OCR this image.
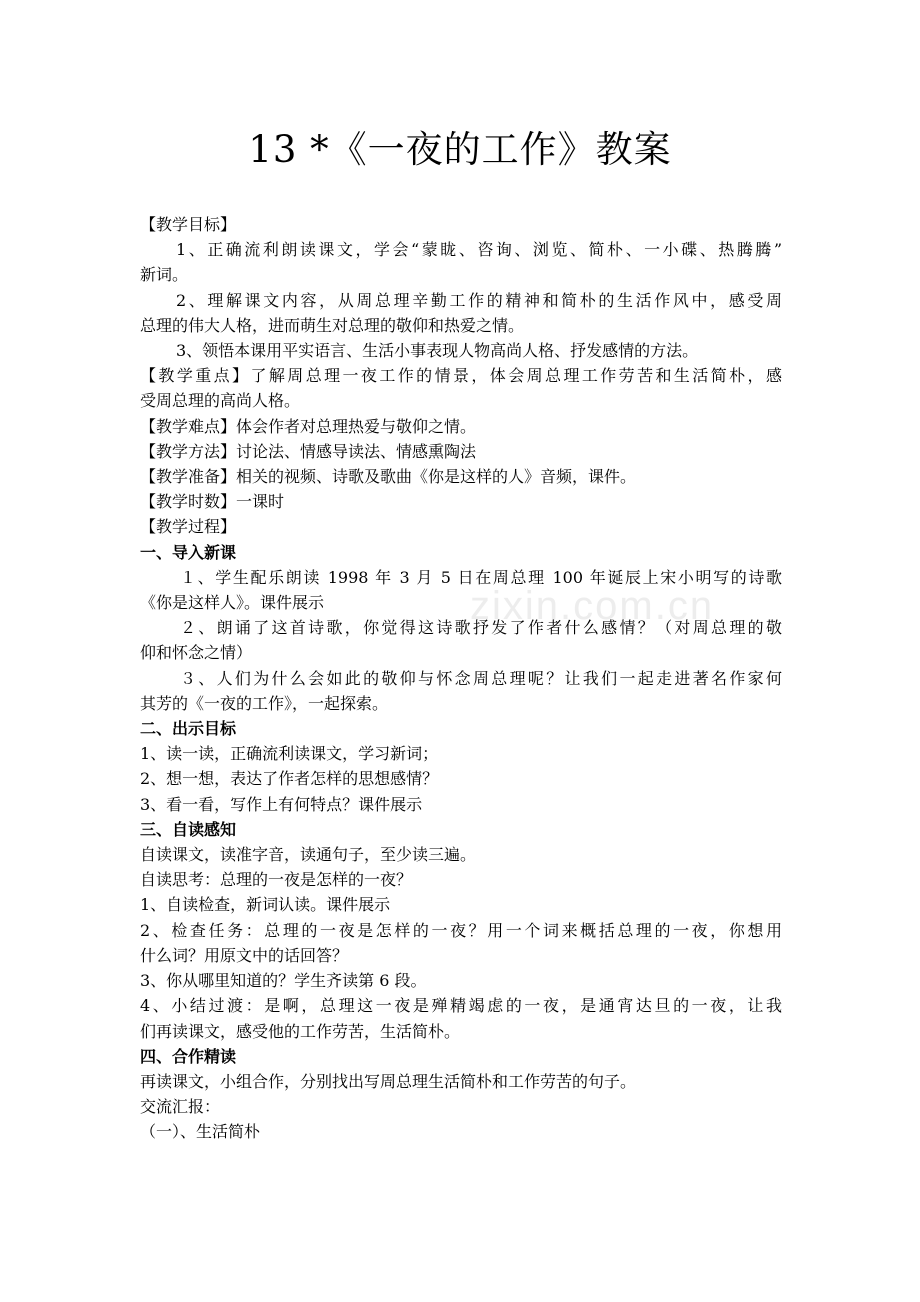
13 *《一夜的工作》教案
zixin.com.cn
【教学目标】
1、正确流利朗读课文，学会“蒙眬、咨询、浏览、简朴、一小碟、热腾腾”
新词。
2、理解课文内容，从周总理辛勤工作的精神和简朴的生活作风中，感受周
总理的伟大人格，进而萌生对总理的敬仰和热爱之情。
3、领悟本课用平实语言、生活小事表现人物高尚人格、抒发感情的方法。
【教学重点】了解周总理一夜工作的情景，体会周总理工作劳苦和生活简朴，感
受周总理的高尚人格。
【教学难点】体会作者对总理热爱与敬仰之情。
【教学方法】讨论法、情感导读法、情感熏陶法
【教学准备】相关的视频、诗歌及歌曲《你是这样的人》音频，课件。
【教学时数】一课时
【教学过程】
一、导入新课
１、学生配乐朗读 1998 年 3 月 5 日在周总理 100 年诞辰上宋小明写的诗歌
《你是这样人》。课件展示
２、朗诵了这首诗歌，你觉得这诗歌抒发了作者什么感情？（对周总理的敬
仰和怀念之情）
３、人们为什么会如此的敬仰与怀念周总理呢？让我们一起走进著名作家何
其芳的《一夜的工作》，一起探索。
二、出示目标
1、读一读，正确流利读课文，学习新词；
2、想一想，表达了作者怎样的思想感情？
3、看一看，写作上有何特点？课件展示
三、自读感知
自读课文，读准字音，读通句子，至少读三遍。
自读思考：总理的一夜是怎样的一夜？
1、自读检查，新词认读。课件展示
2、检查任务：总理的一夜是怎样的一夜？用一个词来概括总理的一夜，你想用
什么词？用原文中的话回答？
3、你从哪里知道的？学生齐读第 6 段。
4、小结过渡：是啊，总理这一夜是殚精竭虑的一夜，是通宵达旦的一夜，让我
们再读课文，感受他的工作劳苦，生活简朴。
四、合作精读
再读课文，小组合作，分别找出写周总理生活简朴和工作劳苦的句子。
交流汇报：
（一）、生活简朴
